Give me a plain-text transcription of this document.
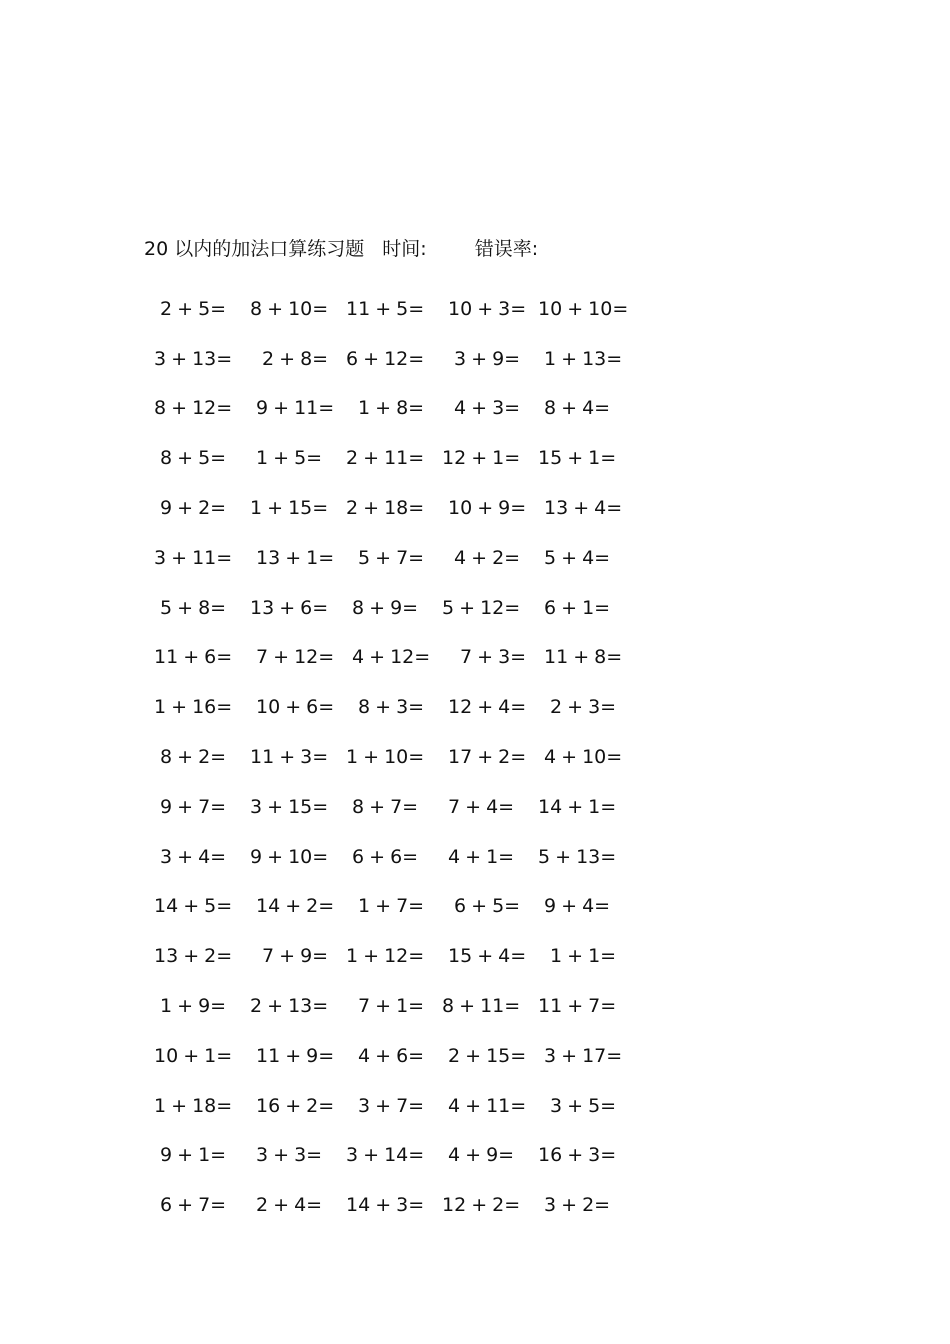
20 以内的加法口算练习题 时间:	错误率:
2 + 5=	8 + 10= 11 + 5=	10 + 3= 10 + 10=
3 + 13=	2 + 8= 6 + 12=	3 + 9=	1 + 13=
8 + 12=	9 + 11=	1 + 8=	4 + 3=	8 + 4=
8 + 5=	1 + 5=	2 + 11= 12 + 1= 15 + 1=
9 + 2=	1 + 15= 2 + 18=	10 + 9= 13 + 4=
3 + 11=	13 + 1=	5 + 7=	4 + 2=	5 + 4=
5 + 8=	13 + 6=	8 + 9=	5 + 12=	6 + 1=
11 + 6=	7 + 12= 4 + 12=	7 + 3= 11 + 8=
1 + 16=	10 + 6=	8 + 3=	12 + 4=	2 + 3=
8 + 2=	11 + 3= 1 + 10=	17 + 2= 4 + 10=
9 + 7=	3 + 15=	8 + 7=	7 + 4=	14 + 1=
3 + 4=	9 + 10=	6 + 6=	4 + 1=	5 + 13=
14 + 5=	14 + 2=	1 + 7=	6 + 5=	9 + 4=
13 + 2=	7 + 9= 1 + 12=	15 + 4=	1 + 1=
1 + 9=	2 + 13=	7 + 1= 8 + 11= 11 + 7=
10 + 1=	11 + 9=	4 + 6=	2 + 15= 3 + 17=
1 + 18=	16 + 2=	3 + 7=	4 + 11=	3 + 5=
9 + 1=	3 + 3=	3 + 14=	4 + 9=	16 + 3=
6 + 7=	2 + 4=	14 + 3= 12 + 2=	3 + 2=
